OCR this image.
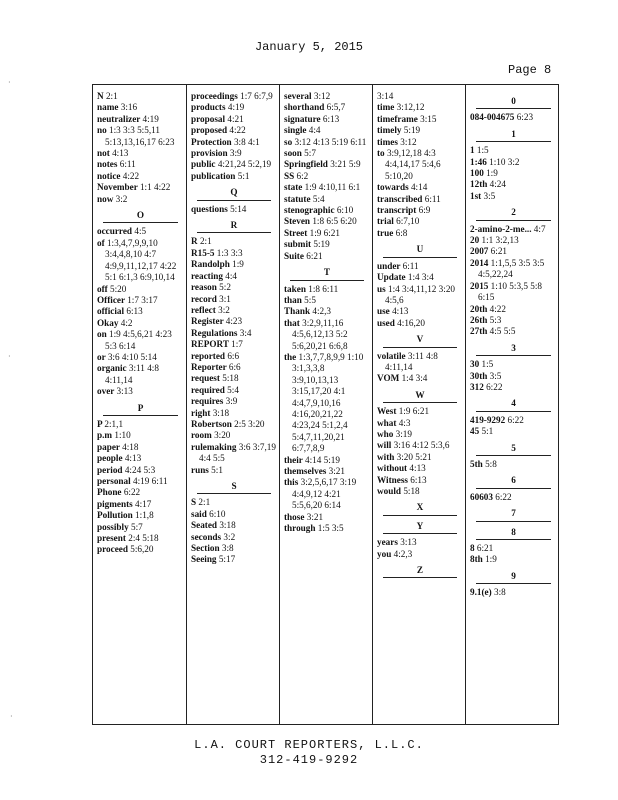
January 5, 2015
Page 8
·
·
·
N 2:1
name 3:16
neutralizer 4:19
no 1:3 3:3 5:5,11 5:13,13,16,17 6:23
not 4:13
notes 6:11
notice 4:22
November 1:1 4:22
now 3:2
O
occurred 4:5
of 1:3,4,7,9,9,10 3:4,4,8,10 4:7 4:9,9,11,12,17 4:22 5:1 6:1,3 6:9,10,14
off 5:20
Officer 1:7 3:17
official 6:13
Okay 4:2
on 1:9 4:5,6,21 4:23 5:3 6:14
or 3:6 4:10 5:14
organic 3:11 4:8 4:11,14
over 3:13
P
P 2:1,1
p.m 1:10
paper 4:18
people 4:13
period 4:24 5:3
personal 4:19 6:11
Phone 6:22
pigments 4:17
Pollution 1:1,8
possibly 5:7
present 2:4 5:18
proceed 5:6,20
proceedings 1:7 6:7,9
products 4:19
proposal 4:21
proposed 4:22
Protection 3:8 4:1
provision 3:9
public 4:21,24 5:2,19
publication 5:1
Q
questions 5:14
R
R 2:1
R15-5 1:3 3:3
Randolph 1:9
reacting 4:4
reason 5:2
record 3:1
reflect 3:2
Register 4:23
Regulations 3:4
REPORT 1:7
reported 6:6
Reporter 6:6
request 5:18
required 5:4
requires 3:9
right 3:18
Robertson 2:5 3:20
room 3:20
rulemaking 3:6 3:7,19 4:4 5:5
runs 5:1
S
S 2:1
said 6:10
Seated 3:18
seconds 3:2
Section 3:8
Seeing 5:17
several 3:12
shorthand 6:5,7
signature 6:13
single 4:4
so 3:12 4:13 5:19 6:11
soon 5:7
Springfield 3:21 5:9
SS 6:2
state 1:9 4:10,11 6:1
statute 5:4
stenographic 6:10
Steven 1:8 6:5 6:20
Street 1:9 6:21
submit 5:19
Suite 6:21
T
taken 1:8 6:11
than 5:5
Thank 4:2,3
that 3:2,9,11,16 4:5,6,12,13 5:2 5:6,20,21 6:6,8
the 1:3,7,7,8,9,9 1:10 3:1,3,3,8 3:9,10,13,13 3:15,17,20 4:1 4:4,7,9,10,16 4:16,20,21,22 4:23,24 5:1,2,4 5:4,7,11,20,21 6:7,7,8,9
their 4:14 5:19
themselves 3:21
this 3:2,5,6,17 3:19 4:4,9,12 4:21 5:5,6,20 6:14
those 3:21
through 1:5 3:5
3:14
time 3:12,12
timeframe 3:15
timely 5:19
times 3:12
to 3:9,12,18 4:3 4:4,14,17 5:4,6 5:10,20
towards 4:14
transcribed 6:11
transcript 6:9
trial 6:7,10
true 6:8
U
under 6:11
Update 1:4 3:4
us 1:4 3:4,11,12 3:20 4:5,6
use 4:13
used 4:16,20
V
volatile 3:11 4:8 4:11,14
VOM 1:4 3:4
W
West 1:9 6:21
what 4:3
who 3:19
will 3:16 4:12 5:3,6
with 3:20 5:21
without 4:13
Witness 6:13
would 5:18
X
Y
years 3:13
you 4:2,3
Z
0
084-004675 6:23
1
1 1:5
1:46 1:10 3:2
100 1:9
12th 4:24
1st 3:5
2
2-amino-2-me... 4:7
20 1:1 3:2,13
2007 6:21
2014 1:1,5,5 3:5 3:5 4:5,22,24
2015 1:10 5:3,5 5:8 6:15
20th 4:22
26th 5:3
27th 4:5 5:5
3
30 1:5
30th 3:5
312 6:22
4
419-9292 6:22
45 5:1
5
5th 5:8
6
60603 6:22
7
8
8 6:21
8th 1:9
9
9.1(e) 3:8
L.A. COURT REPORTERS, L.L.C.
312-419-9292
